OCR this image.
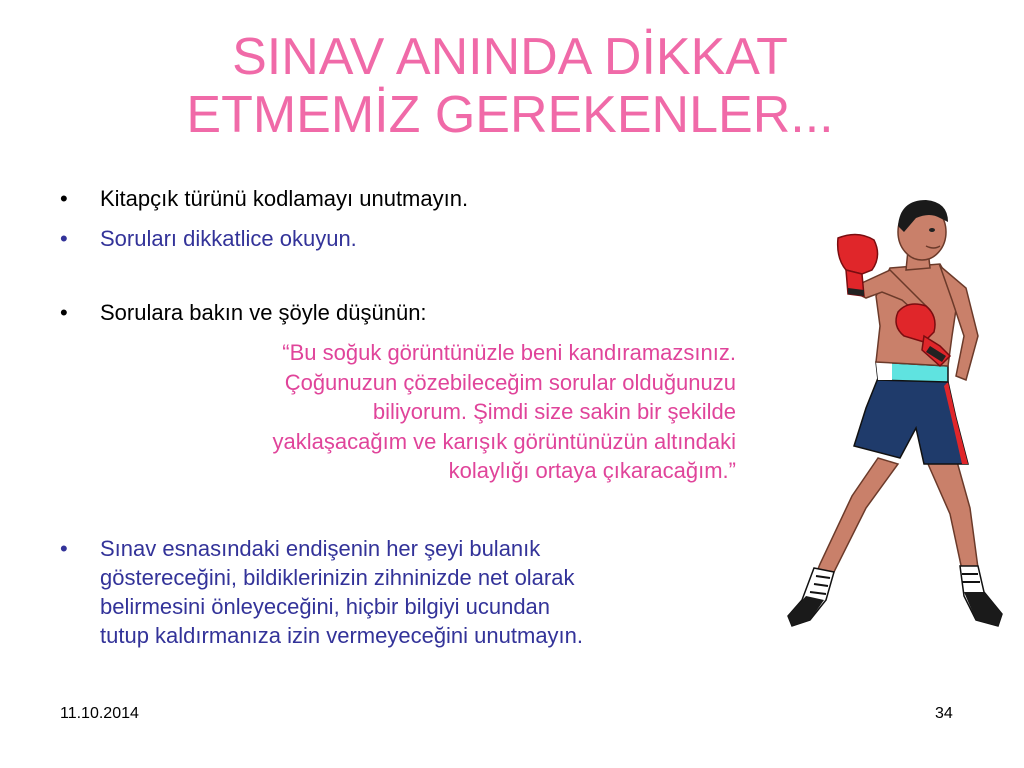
SINAV ANINDA DİKKAT
ETMEMİZ GEREKENLER...
• Kitapçık türünü kodlamayı unutmayın.
• Soruları dikkatlice okuyun.
• Sorulara bakın ve şöyle düşünün:
“Bu soğuk görüntünüzle beni kandıramazsınız.
Çoğunuzun çözebileceğim sorular olduğunuzu
biliyorum. Şimdi size sakin bir şekilde
yaklaşacağım ve karışık görüntünüzün altındaki
kolaylığı ortaya çıkaracağım.”
• Sınav esnasındaki endişenin her şeyi bulanık
göstereceğini, bildiklerinizin zihninizde net olarak
belirmesini önleyeceğini, hiçbir bilgiyi ucundan
tutup kaldırmanıza izin vermeyeceğini unutmayın.
11.10.2014	34
